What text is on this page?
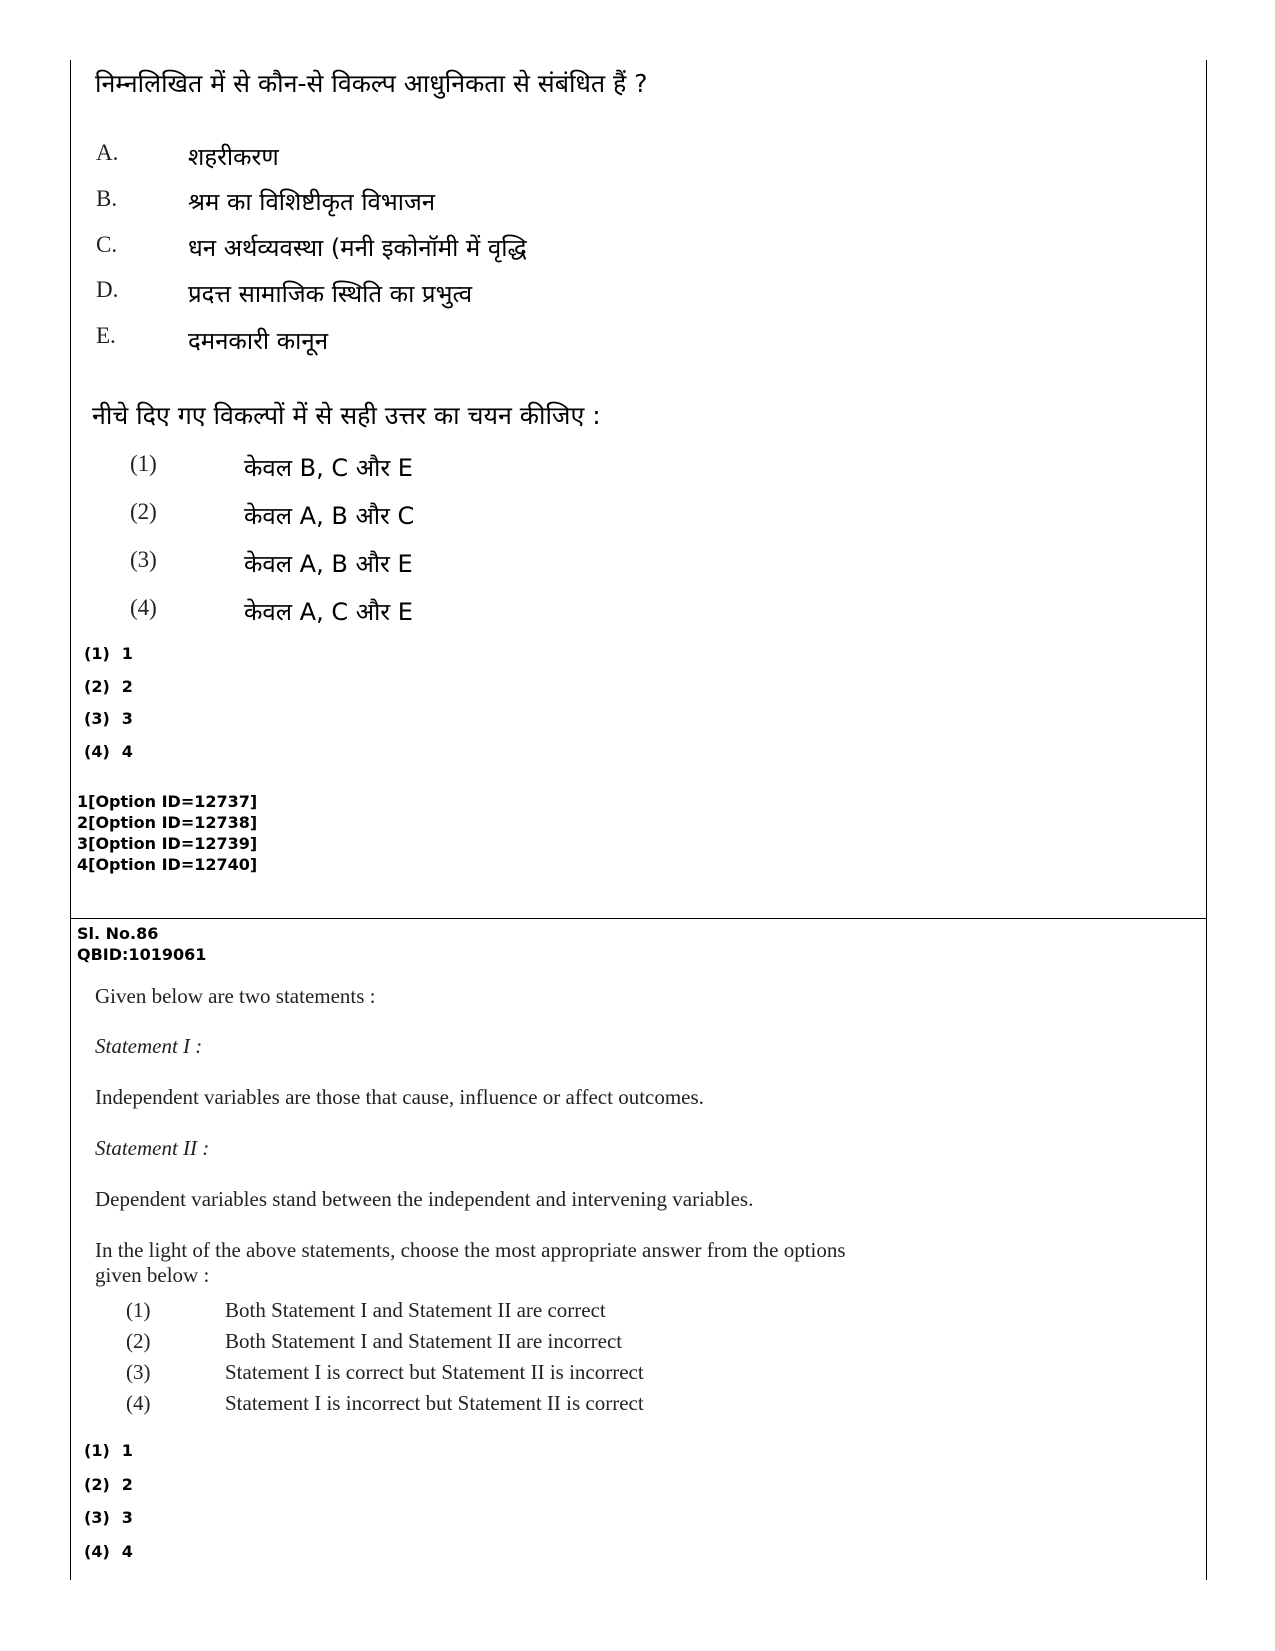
निम्नलिखित में से कौन-से विकल्प आधुनिकता से संबंधित हैं ?
A.	शहरीकरण
B.	श्रम का विशिष्टीकृत विभाजन
C.	धन अर्थव्यवस्था (मनी इकोनॉमी में वृद्धि
D.	प्रदत्त सामाजिक स्थिति का प्रभुत्व
E.	दमनकारी कानून
नीचे दिए गए विकल्पों में से सही उत्तर का चयन कीजिए :
(1)	केवल B, C और E
(2)	केवल A, B और C
(3)	केवल A, B और E
(4)	केवल A, C और E
(1) 1
(2) 2
(3) 3
(4) 4
1[Option ID=12737]
2[Option ID=12738]
3[Option ID=12739]
4[Option ID=12740]
Sl. No.86
QBID:1019061
Given below are two statements :
Statement I :
Independent variables are those that cause, influence or affect outcomes.
Statement II :
Dependent variables stand between the independent and intervening variables.
In the light of the above statements, choose the most appropriate answer from the options
given below :
(1)	Both Statement I and Statement II are correct
(2)	Both Statement I and Statement II are incorrect
(3)	Statement I is correct but Statement II is incorrect
(4)	Statement I is incorrect but Statement II is correct
(1) 1
(2) 2
(3) 3
(4) 4
